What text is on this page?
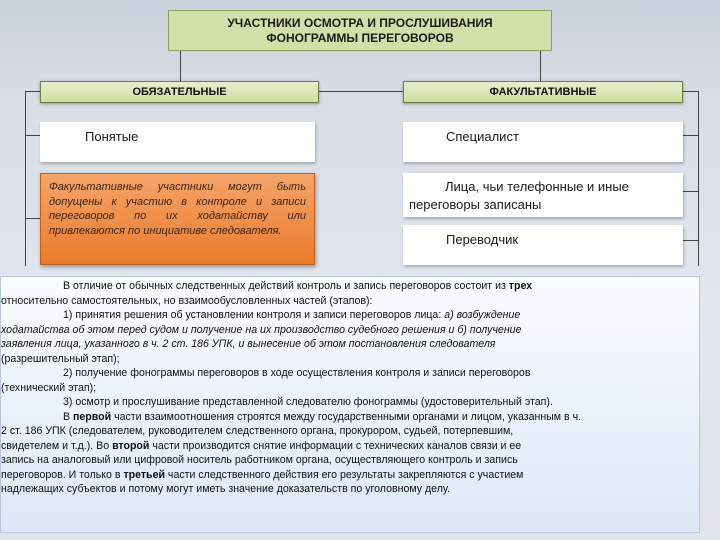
УЧАСТНИКИ ОСМОТРА И ПРОСЛУШИВАНИЯ
ФОНОГРАММЫ ПЕРЕГОВОРОВ
ОБЯЗАТЕЛЬНЫЕ	ФАКУЛЬТАТИВНЫЕ
Понятые
Факультативные участники могут быть допущены к участию в контроле и записи переговоров по их ходатайству или привлекаются по инициативе следователя.
Специалист
Лица, чьи телефонные и иные переговоры записаны
Переводчик

В отличие от обычных следственных действий контроль и запись переговоров состоит из трех

относительно самостоятельных, но взаимообусловленных частей (этапов):

1) принятия решения об установлении контроля и записи переговоров лица: а) возбуждение

ходатайства об этом перед судом и получение на их производство судебного решения и б) получение

заявления лица, указанного в ч. 2 ст. 186 УПК, и вынесение об этом постановления следователя

(разрешительный этап);

2) получение фонограммы переговоров в ходе осуществления контроля и записи переговоров

(технический этап);

3) осмотр и прослушивание представленной следователю фонограммы (удостоверительный этап).

В первой части взаимоотношения строятся между государственными органами и лицом, указанным в ч.

2 ст. 186 УПК (следователем, руководителем следственного органа, прокурором, судьей, потерпевшим,

свидетелем и т.д.). Во второй части производится снятие информации с технических каналов связи и ее

запись на аналоговый или цифровой носитель работником органа, осуществляющего контроль и запись

переговоров. И только в третьей части следственного действия его результаты закрепляются с участием

надлежащих субъектов и потому могут иметь значение доказательств по уголовному делу.
